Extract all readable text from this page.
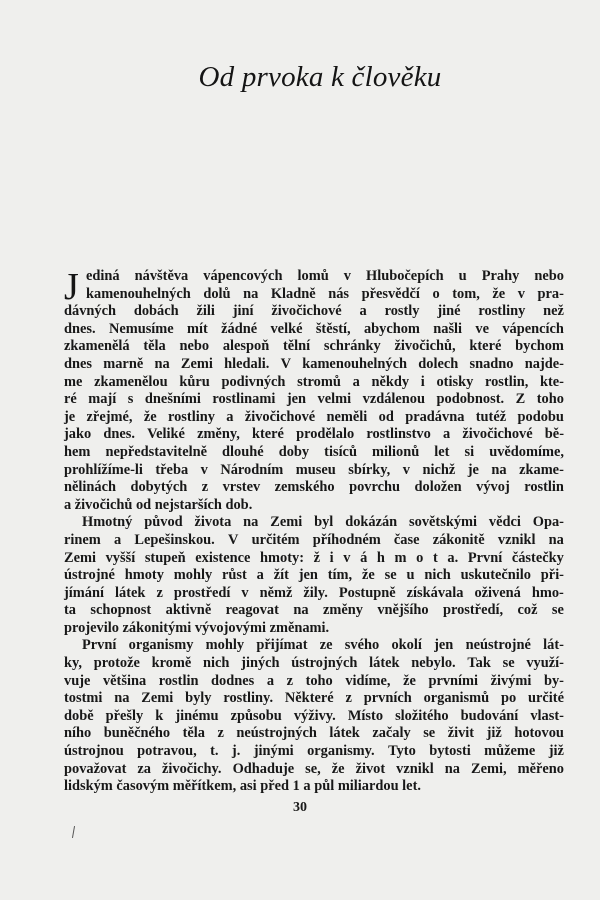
Od prvoka k člověku
J ediná návštěva vápencových lomů v Hlubočepích u Prahy nebo
kamenouhelných dolů na Kladně nás přesvědčí o tom, že v pra-
dávných dobách žili jiní živočichové a rostly jiné rostliny než
dnes. Nemusíme mít žádné velké štěstí, abychom našli ve vápencích
zkamenělá těla nebo alespoň tělní schránky živočichů, které bychom
dnes marně na Zemi hledali. V kamenouhelných dolech snadno najde-
me zkamenělou kůru podivných stromů a někdy i otisky rostlin, kte-
ré mají s dnešními rostlinami jen velmi vzdálenou podobnost. Z toho
je zřejmé, že rostliny a živočichové neměli od pradávna tutéž podobu
jako dnes. Veliké změny, které prodělalo rostlinstvo a živočichové bě-
hem nepředstavitelně dlouhé doby tisíců milionů let si uvědomíme,
prohlížíme-li třeba v Národním museu sbírky, v nichž je na zkame-
nělinách dobytých z vrstev zemského povrchu doložen vývoj rostlin
a živočichů od nejstarších dob.
Hmotný původ života na Zemi byl dokázán sovětskými vědci Opa-
rinem a Lepešinskou. V určitém příhodném čase zákonitě vznikl na
Zemi vyšší stupeň existence hmoty: ž i v á h m o t a. První částečky
ústrojné hmoty mohly růst a žít jen tím, že se u nich uskutečnilo při-
jímání látek z prostředí v němž žily. Postupně získávala oživená hmo-
ta schopnost aktivně reagovat na změny vnějšího prostředí, což se
projevilo zákonitými vývojovými změnami.
První organismy mohly přijímat ze svého okolí jen neústrojné lát-
ky, protože kromě nich jiných ústrojných látek nebylo. Tak se využí-
vuje většina rostlin dodnes a z toho vidíme, že prvními živými by-
tostmi na Zemi byly rostliny. Některé z prvních organismů po určité
době přešly k jinému způsobu výživy. Místo složitého budování vlast-
ního buněčného těla z neústrojných látek začaly se živit již hotovou
ústrojnou potravou, t. j. jinými organismy. Tyto bytosti můžeme již
považovat za živočichy. Odhaduje se, že život vznikl na Zemi, měřeno
lidským časovým měřítkem, asi před 1 a půl miliardou let.
30
